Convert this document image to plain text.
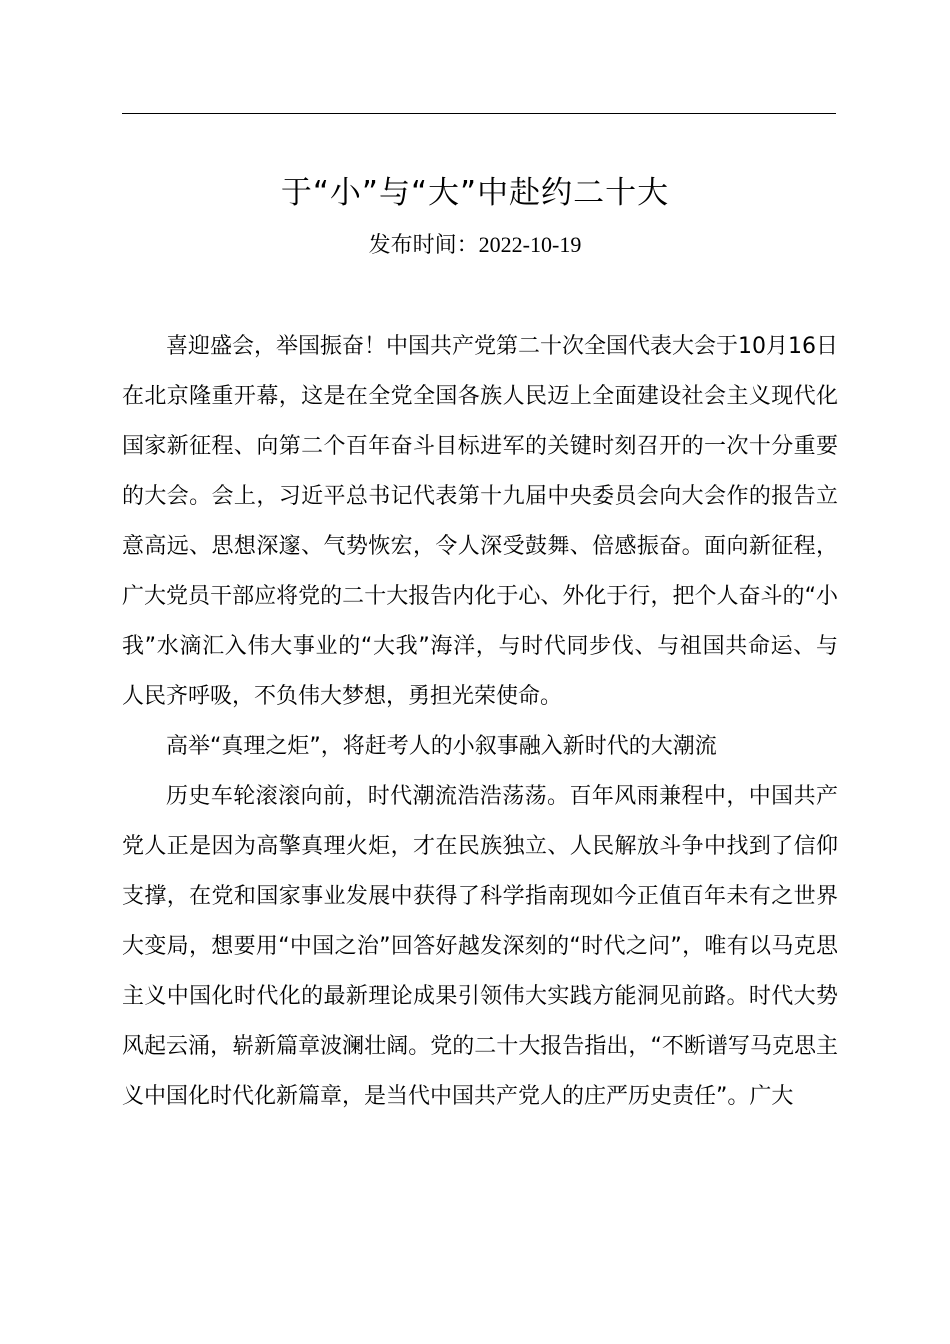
于“小”与“大”中赴约二十大
发布时间：2022-10-19

喜迎盛会，举国振奋！中国共产党第二十次全国代表大会于10月16日在北京隆重开幕，这是在全党全国各族人民迈上全面建设社会主义现代化国家新征程、向第二个百年奋斗目标进军的关键时刻召开的一次十分重要的大会。会上，习近平总书记代表第十九届中央委员会向大会作的报告立意高远、思想深邃、气势恢宏，令人深受鼓舞、倍感振奋。面向新征程，广大党员干部应将党的二十大报告内化于心、外化于行，把个人奋斗的“小我”水滴汇入伟大事业的“大我”海洋，与时代同步伐、与祖国共命运、与人民齐呼吸，不负伟大梦想，勇担光荣使命。

高举“真理之炬”，将赶考人的小叙事融入新时代的大潮流

历史车轮滚滚向前，时代潮流浩浩荡荡。百年风雨兼程中，中国共产党人正是因为高擎真理火炬，才在民族独立、人民解放斗争中找到了信仰支撑，在党和国家事业发展中获得了科学指南现如今正值百年未有之世界大变局，想要用“中国之治”回答好越发深刻的“时代之问”，唯有以马克思主义中国化时代化的最新理论成果引领伟大实践方能洞见前路。时代大势风起云涌，崭新篇章波澜壮阔。党的二十大报告指出，“不断谱写马克思主义中国化时代化新篇章，是当代中国共产党人的庄严历史责任”。广大
